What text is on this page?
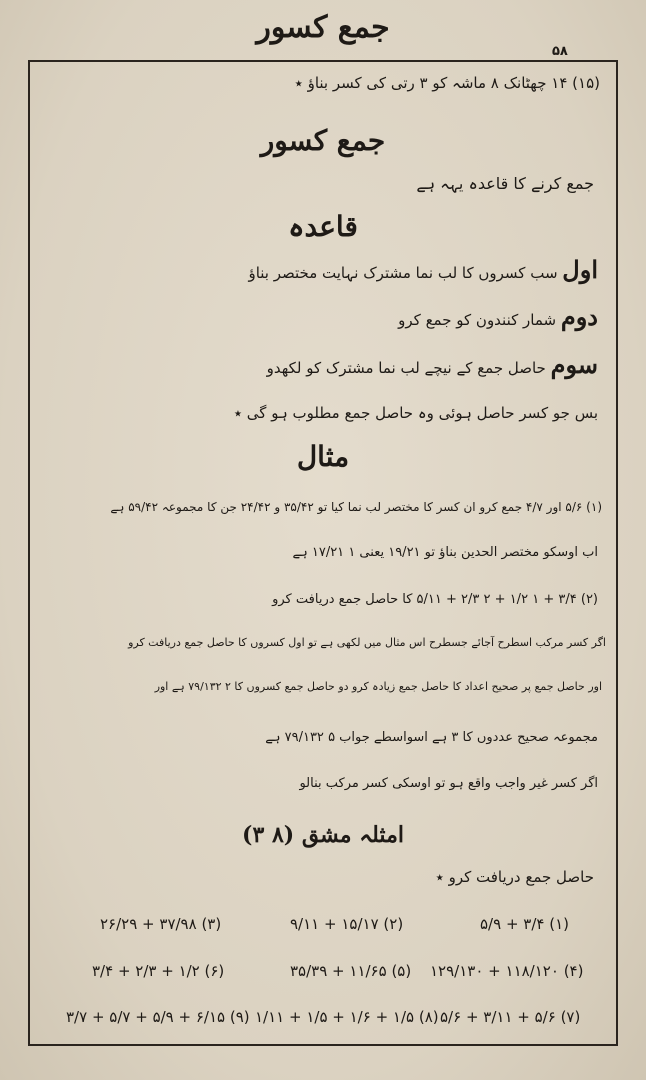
جمع کسور
۵۸
(۱۵) ۱۴ چھٹانک ۸ ماشہ کو ۳ رتی کی کسر بناؤ ٭
جمع کسور
جمع کرنے کا قاعدہ یہہ ہے
قاعدہ
اول سب کسروں کا لب نما مشترک نہایت مختصر بناؤ
دوم شمار کنندون کو جمع کرو
سوم حاصل جمع کے نیچے لب نما مشترک کو لکھدو
بس جو کسر حاصل ہوئی وہ حاصل جمع مطلوب ہو گی ٭
مثال
(۱) ۵/۶ اور ۴/۷ جمع کرو ان کسر کا مختصر لب نما کیا تو ۳۵/۴۲ و ۲۴/۴۲ جن کا مجموعہ ۵۹/۴۲ ہے
اب اوسکو مختصر الحدین بناؤ تو ۱۹/۲۱ یعنی ۱ ۱۷/۲۱ ہے
(۲) ۳/۴ + ۱ ۱/۲ + ۲ ۲/۳ + ۵/۱۱ کا حاصل جمع دریافت کرو
اگر کسر مرکب اسطرح آجائے جسطرح اس مثال میں لکھی ہے تو اول کسروں کا حاصل جمع دریافت کرو
اور حاصل جمع پر صحیح اعداد کا حاصل جمع زیادہ کرو دو حاصل جمع کسروں کا ۲ ۷۹/۱۳۲ ہے اور
مجموعہ صحیح عددوں کا ۳ ہے اسواسطے جواب ۵ ۷۹/۱۳۲ ہے
اگر کسر غیر واجب واقع ہو تو اوسکی کسر مرکب بنالو
امثلہ مشق (۸ ۳)
حاصل جمع دریافت کرو ٭
(۱) ۳/۴ + ۵/۹
(۲) ۱۵/۱۷ + ۹/۱۱
(۳) ۳۷/۹۸ + ۲۶/۲۹
(۴) ۱۱۸/۱۲۰ + ۱۲۹/۱۳۰
(۵) ۱۱/۶۵ + ۳۵/۳۹
(۶) ۱/۲ + ۲/۳ + ۳/۴
(۷) ۵/۶ + ۳/۱۱ + ۵/۶
(۸) ۱/۵ + ۱/۶ + ۱/۵ + ۱/۱۱
(۹) ۶/۱۵ + ۵/۹ + ۵/۷ + ۳/۷
